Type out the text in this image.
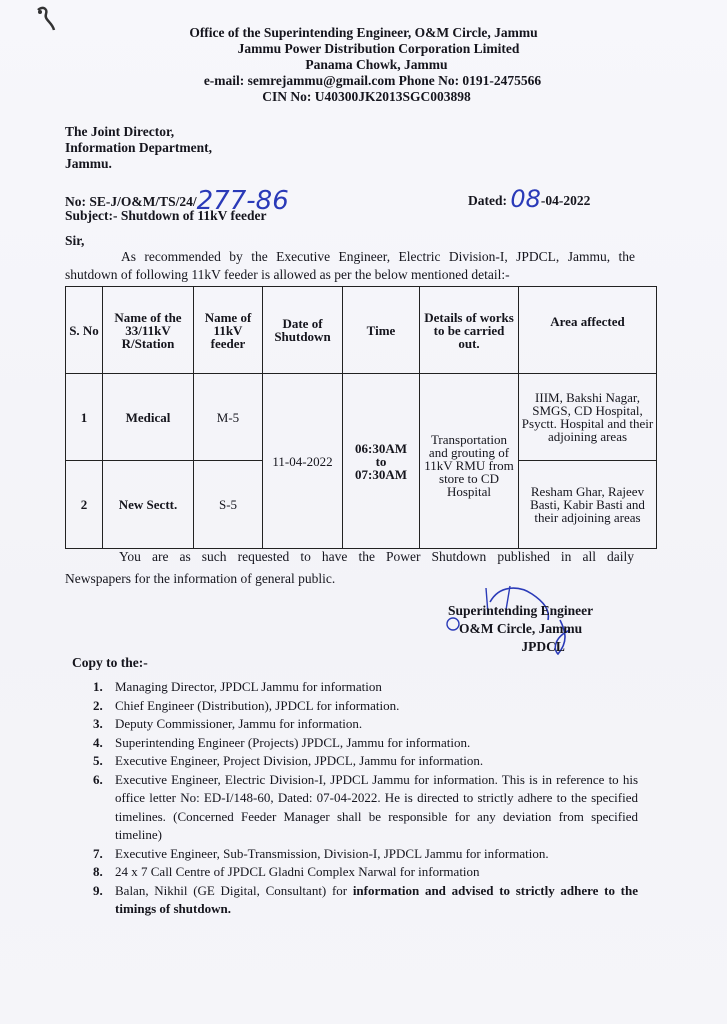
Office of the Superintending Engineer, O&M Circle, Jammu
Jammu Power Distribution Corporation Limited
Panama Chowk, Jammu
e-mail: semrejammu@gmail.com Phone No: 0191-2475566
CIN No: U40300JK2013SGC003898
The Joint Director,
Information Department,
Jammu.
No: SE-J/O&M/TS/24/277-86	Dated: 08-04-2022
Subject:- Shutdown of 11kV feeder
Sir,
As recommended by the Executive Engineer, Electric Division-I, JPDCL, Jammu, the
shutdown of following 11kV feeder is allowed as per the below mentioned detail:-
S. No	Name of the 33/11kV R/Station	Name of 11kV feeder	Date of Shutdown	Time	Details of works to be carried out.	Area affected
1	Medical	M-5	11-04-2022	06:30AM
to
07:30AM	Transportation and grouting of 11kV RMU from store to CD Hospital	IIIM, Bakshi Nagar, SMGS, CD Hospital, Psyctt. Hospital and their adjoining areas
2	New Sectt.	S-5				Resham Ghar, Rajeev Basti, Kabir Basti and their adjoining areas
You are as such requested to have the Power Shutdown published in all daily
Newspapers for the information of general public.
Superintending Engineer
O&M Circle, Jammu
JPDCL
Copy to the:-
1. Managing Director, JPDCL Jammu for information
2. Chief Engineer (Distribution), JPDCL for information.
3. Deputy Commissioner, Jammu for information.
4. Superintending Engineer (Projects) JPDCL, Jammu for information.
5. Executive Engineer, Project Division, JPDCL, Jammu for information.
6. Executive Engineer, Electric Division-I, JPDCL Jammu for information. This is in reference to his office letter No: ED-I/148-60, Dated: 07-04-2022. He is directed to strictly adhere to the specified timelines. (Concerned Feeder Manager shall be responsible for any deviation from specified timeline)
7. Executive Engineer, Sub-Transmission, Division-I, JPDCL Jammu for information.
8. 24 x 7 Call Centre of JPDCL Gladni Complex Narwal for information
9. Balan, Nikhil (GE Digital, Consultant) for information and advised to strictly adhere to the timings of shutdown.
